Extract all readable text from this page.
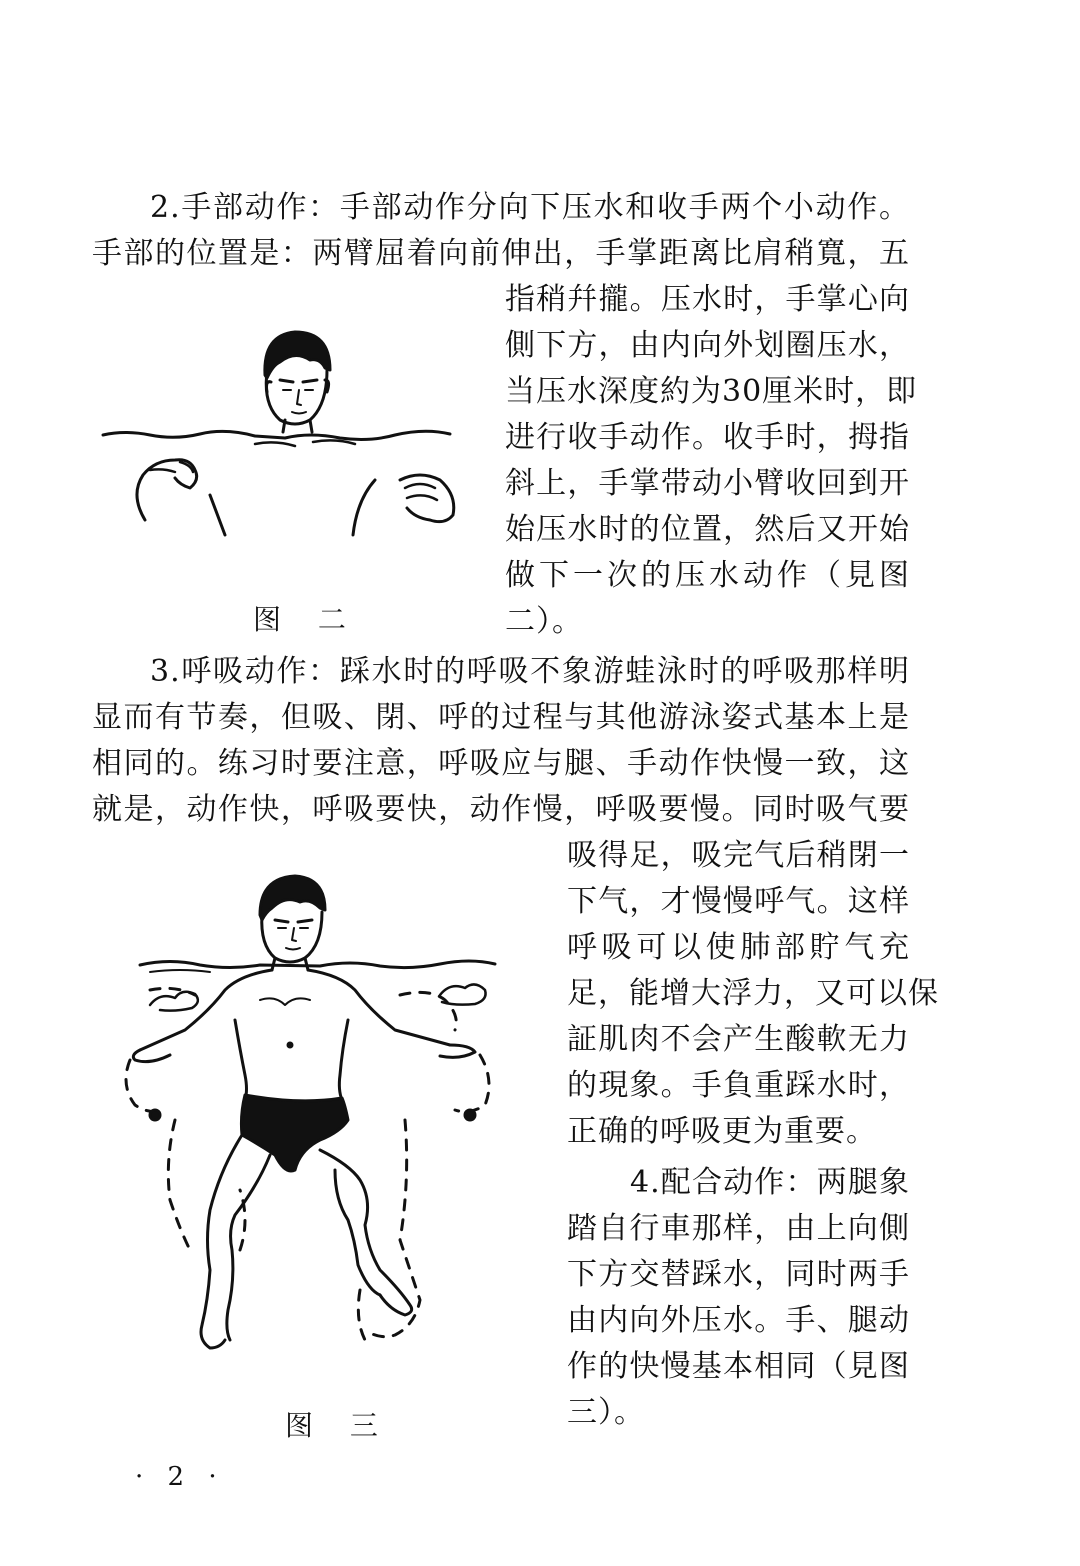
2.手部动作：手部动作分向下压水和收手两个小动作。
手部的位置是：两臂屈着向前伸出，手掌距离比肩稍寬，五
指稍幷攏。压水时，手掌心向
側下方，由内向外划圈压水，
当压水深度約为30厘米时，即
进行收手动作。收手时，拇指
斜上，手掌带动小臂收回到开
始压水时的位置，然后又开始
做下一次的压水动作（見图
二）。
图 二
3.呼吸动作：踩水时的呼吸不象游蛙泳时的呼吸那样明
显而有节奏，但吸、閉、呼的过程与其他游泳姿式基本上是
相同的。练习时要注意，呼吸应与腿、手动作快慢一致，这
就是，动作快，呼吸要快，动作慢，呼吸要慢。同时吸气要
吸得足，吸完气后稍閉一
下气，才慢慢呼气。这样
呼吸可以使肺部貯气充
足，能增大浮力，又可以保
証肌肉不会产生酸軟无力
的現象。手負重踩水时，
正确的呼吸更为重要。
4.配合动作：两腿象
踏自行車那样，由上向側
下方交替踩水，同时两手
由内向外压水。手、腿动
作的快慢基本相同（見图
三）。
图 三
· 2 ·
